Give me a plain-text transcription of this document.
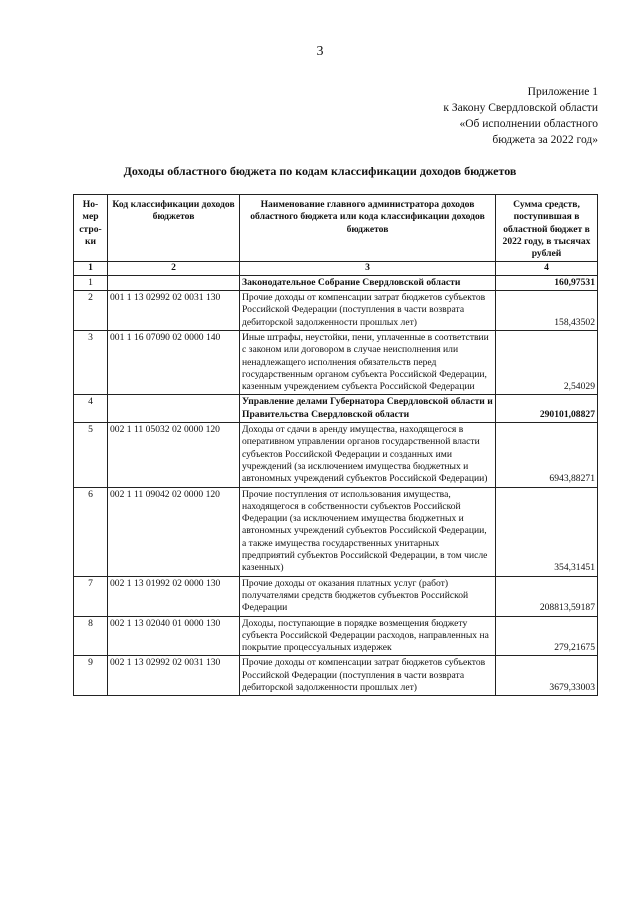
3
Приложение 1
к Закону Свердловской области
«Об исполнении областного
бюджета за 2022 год»
Доходы областного бюджета по кодам классификации доходов бюджетов
Но-мер стро-ки	Код классификации доходов бюджетов	Наименование главного администратора доходов областного бюджета или кода классификации доходов бюджетов	Сумма средств, поступившая в областной бюджет в 2022 году, в тысячах рублей
1	2	3	4
1		Законодательное Собрание Свердловской области	160,97531
2	001 1 13 02992 02 0031 130	Прочие доходы от компенсации затрат бюджетов субъектов Российской Федерации (поступления в части возврата дебиторской задолженности прошлых лет)	158,43502
3	001 1 16 07090 02 0000 140	Иные штрафы, неустойки, пени, уплаченные в соответствии с законом или договором в случае неисполнения или ненадлежащего исполнения обязательств перед государственным органом субъекта Российской Федерации, казенным учреждением субъекта Российской Федерации	2,54029
4		Управление делами Губернатора Свердловской области и Правительства Свердловской области	290101,08827
5	002 1 11 05032 02 0000 120	Доходы от сдачи в аренду имущества, находящегося в оперативном управлении органов государственной власти субъектов Российской Федерации и созданных ими учреждений (за исключением имущества бюджетных и автономных учреждений субъектов Российской Федерации)	6943,88271
6	002 1 11 09042 02 0000 120	Прочие поступления от использования имущества, находящегося в собственности субъектов Российской Федерации (за исключением имущества бюджетных и автономных учреждений субъектов Российской Федерации, а также имущества государственных унитарных предприятий субъектов Российской Федерации, в том числе казенных)	354,31451
7	002 1 13 01992 02 0000 130	Прочие доходы от оказания платных услуг (работ) получателями средств бюджетов субъектов Российской Федерации	208813,59187
8	002 1 13 02040 01 0000 130	Доходы, поступающие в порядке возмещения бюджету субъекта Российской Федерации расходов, направленных на покрытие процессуальных издержек	279,21675
9	002 1 13 02992 02 0031 130	Прочие доходы от компенсации затрат бюджетов субъектов Российской Федерации (поступления в части возврата дебиторской задолженности прошлых лет)	3679,33003
